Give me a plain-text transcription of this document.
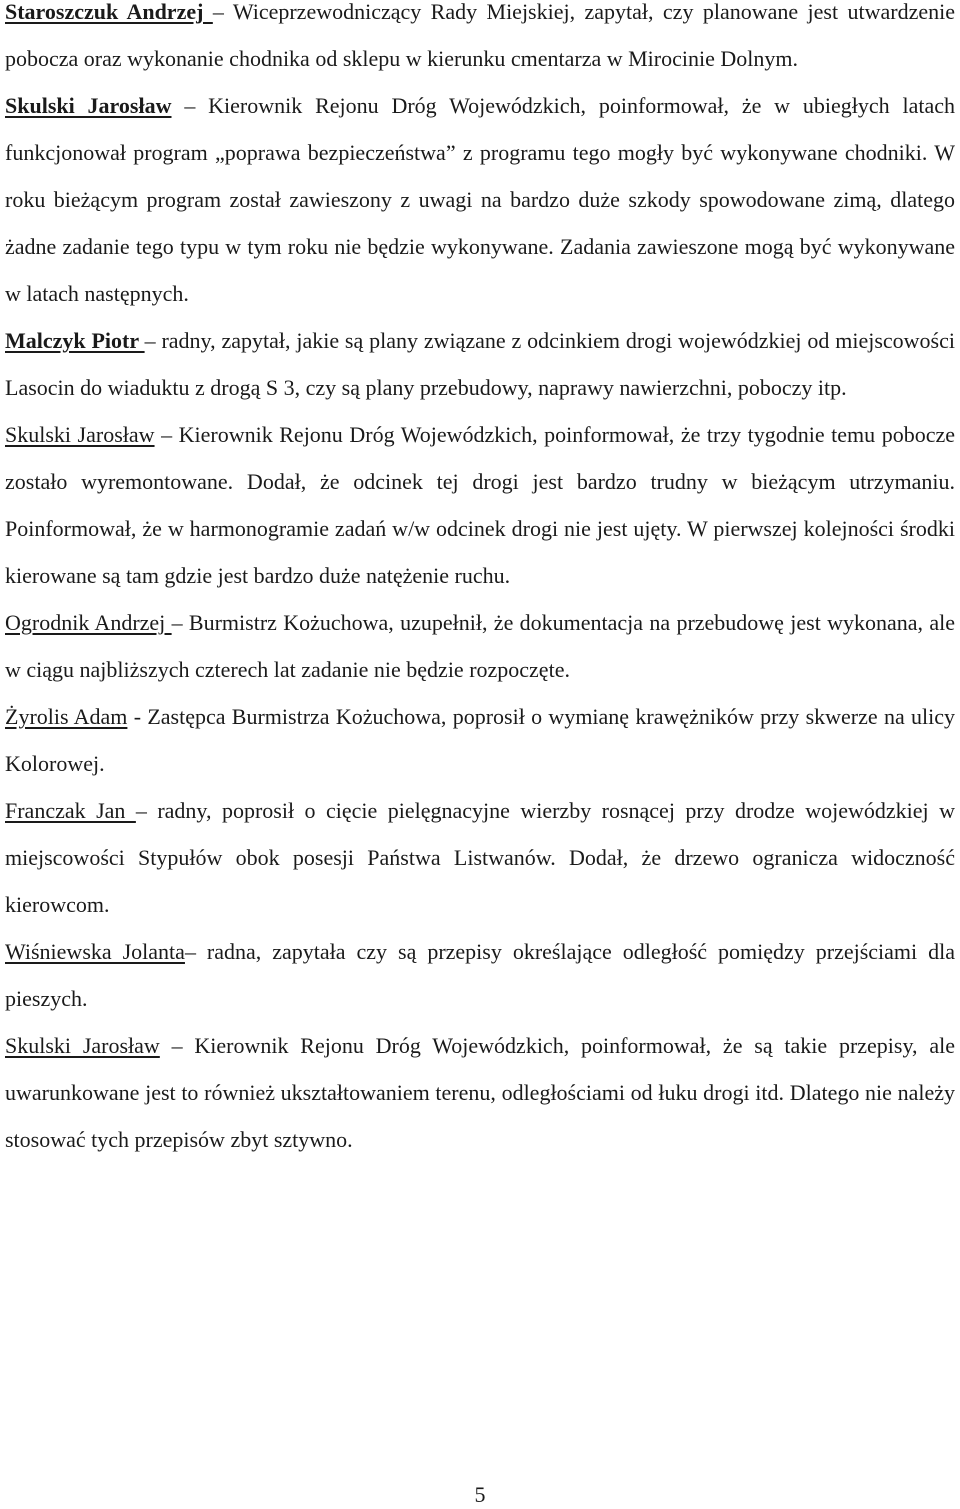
Staroszczuk Andrzej – Wiceprzewodniczący Rady Miejskiej, zapytał, czy planowane jest utwardzenie pobocza oraz wykonanie chodnika od sklepu w kierunku cmentarza w Mirocinie Dolnym.

Skulski Jarosław – Kierownik Rejonu Dróg Wojewódzkich, poinformował, że w ubiegłych latach funkcjonował program „poprawa bezpieczeństwa” z programu tego mogły być wykonywane chodniki. W roku bieżącym program został zawieszony z uwagi na bardzo duże szkody spowodowane zimą, dlatego żadne zadanie tego typu w tym roku nie będzie wykonywane. Zadania zawieszone mogą być wykonywane w latach następnych.

Malczyk Piotr – radny, zapytał, jakie są plany związane z odcinkiem drogi wojewódzkiej od miejscowości Lasocin do wiaduktu z drogą S 3, czy są plany przebudowy, naprawy nawierzchni, poboczy itp.

Skulski Jarosław – Kierownik Rejonu Dróg Wojewódzkich, poinformował, że trzy tygodnie temu pobocze zostało wyremontowane. Dodał, że odcinek tej drogi jest bardzo trudny w bieżącym utrzymaniu. Poinformował, że w harmonogramie zadań w/w odcinek drogi nie jest ujęty. W pierwszej kolejności środki kierowane są tam gdzie jest bardzo duże natężenie ruchu.

Ogrodnik Andrzej – Burmistrz Kożuchowa, uzupełnił, że dokumentacja na przebudowę jest wykonana, ale w ciągu najbliższych czterech lat zadanie nie będzie rozpoczęte.

Żyrolis Adam - Zastępca Burmistrza Kożuchowa, poprosił o wymianę krawężników przy skwerze na ulicy Kolorowej.

Franczak Jan – radny, poprosił o cięcie pielęgnacyjne wierzby rosnącej przy drodze wojewódzkiej w miejscowości Stypułów obok posesji Państwa Listwanów. Dodał, że drzewo ogranicza widoczność kierowcom.

Wiśniewska Jolanta– radna, zapytała czy są przepisy określające odległość pomiędzy przejściami dla pieszych.

Skulski Jarosław – Kierownik Rejonu Dróg Wojewódzkich, poinformował, że są takie przepisy, ale uwarunkowane jest to również ukształtowaniem terenu, odległościami od łuku drogi itd. Dlatego nie należy stosować tych przepisów zbyt sztywno.

5
